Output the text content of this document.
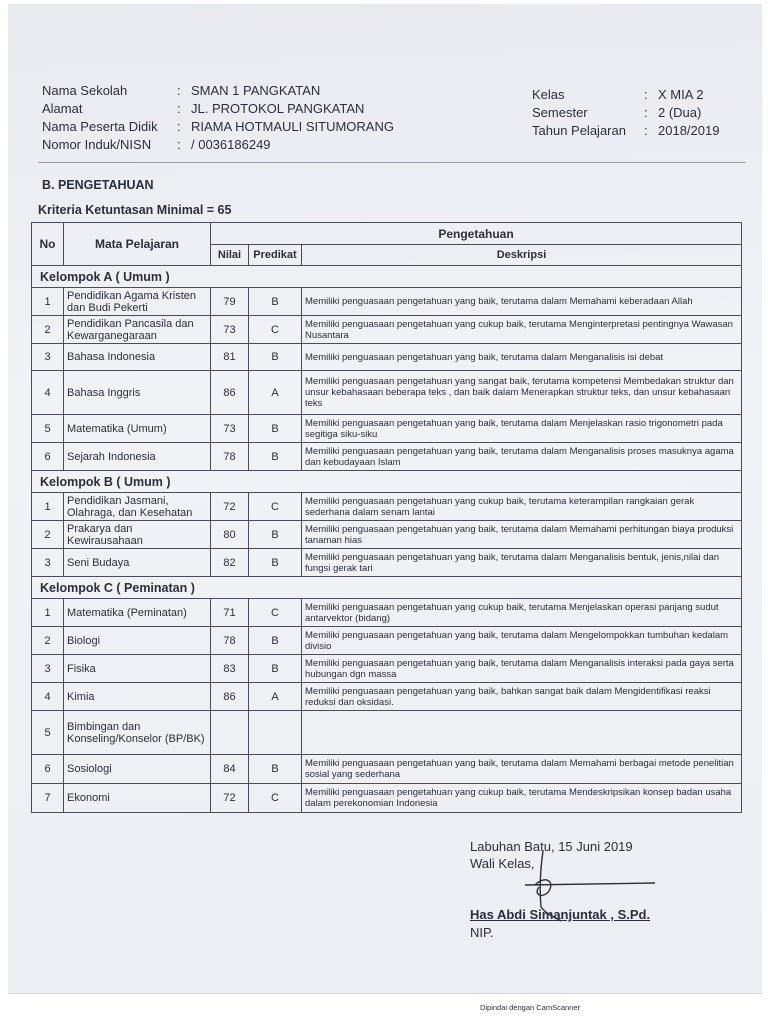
Nama Sekolah	: SMAN 1 PANGKATAN
Alamat	: JL. PROTOKOL PANGKATAN
Nama Peserta Didik	: RIAMA HOTMAULI SITUMORANG
Nomor Induk/NISN	: / 0036186249
Kelas	: X MIA 2
Semester	: 2 (Dua)
Tahun Pelajaran	: 2018/2019
B. PENGETAHUAN
Kriteria Ketuntasan Minimal = 65
No	Mata Pelajaran	Pengetahuan		
		Nilai	Predikat	Deskripsi
Kelompok A ( Umum )				
1	Pendidikan Agama Kristen dan Budi Pekerti	79	B	Memiliki penguasaan pengetahuan yang baik, terutama dalam Memahami keberadaan Allah
2	Pendidikan Pancasila dan Kewarganegaraan	73	C	Memiliki penguasaan pengetahuan yang cukup baik, terutama Menginterpretasi pentingnya Wawasan Nusantara
3	Bahasa Indonesia	81	B	Memiliki penguasaan pengetahuan yang baik, terutama dalam Menganalisis isi debat
4	Bahasa Inggris	86	A	Memiliki penguasaan pengetahuan yang sangat baik, terutama kompetensi Membedakan struktur dan unsur kebahasaan beberapa teks , dan baik dalam Menerapkan struktur teks, dan unsur kebahasaan teks
5	Matematika (Umum)	73	B	Memiliki penguasaan pengetahuan yang baik, terutama dalam Menjelaskan rasio trigonometri pada segitiga siku-siku
6	Sejarah Indonesia	78	B	Memiliki penguasaan pengetahuan yang baik, terutama dalam Menganalisis proses masuknya agama dan kebudayaan Islam
Kelompok B ( Umum )				
1	Pendidikan Jasmani, Olahraga, dan Kesehatan	72	C	Memiliki penguasaan pengetahuan yang cukup baik, terutama keterampilan rangkaian gerak sederhana dalam senam lantai
2	Prakarya dan Kewirausahaan	80	B	Memiliki penguasaan pengetahuan yang baik, terutama dalam Memahami perhitungan biaya produksi tanaman hias
3	Seni Budaya	82	B	Memiliki penguasaan pengetahuan yang baik, terutama dalam Menganalisis bentuk, jenis,nilai dan fungsi gerak tari
Kelompok C ( Peminatan )				
1	Matematika (Peminatan)	71	C	Memiliki penguasaan pengetahuan yang cukup baik, terutama Menjelaskan operasi panjang sudut antarvektor (bidang)
2	Biologi	78	B	Memiliki penguasaan pengetahuan yang baik, terutama dalam Mengelompokkan tumbuhan kedalam divisio
3	Fisika	83	B	Memiliki penguasaan pengetahuan yang baik, terutama dalam Menganalisis interaksi pada gaya serta hubungan dgn massa
4	Kimia	86	A	Memiliki penguasaan pengetahuan yang baik, bahkan sangat baik dalam Mengidentifikasi reaksi reduksi dan oksidasi.
5	Bimbingan dan Konseling/Konselor (BP/BK)			
6	Sosiologi	84	B	Memiliki penguasaan pengetahuan yang baik, terutama dalam Memahami berbagai metode penelitian sosial yang sederhana
7	Ekonomi	72	C	Memiliki penguasaan pengetahuan yang cukup baik, terutama Mendeskripsikan konsep badan usaha dalam perekonomian Indonesia
Labuhan Batu, 15 Juni 2019
Wali Kelas,
Has Abdi Simanjuntak , S.Pd.
NIP.
Dipindai dengan CamScanner
